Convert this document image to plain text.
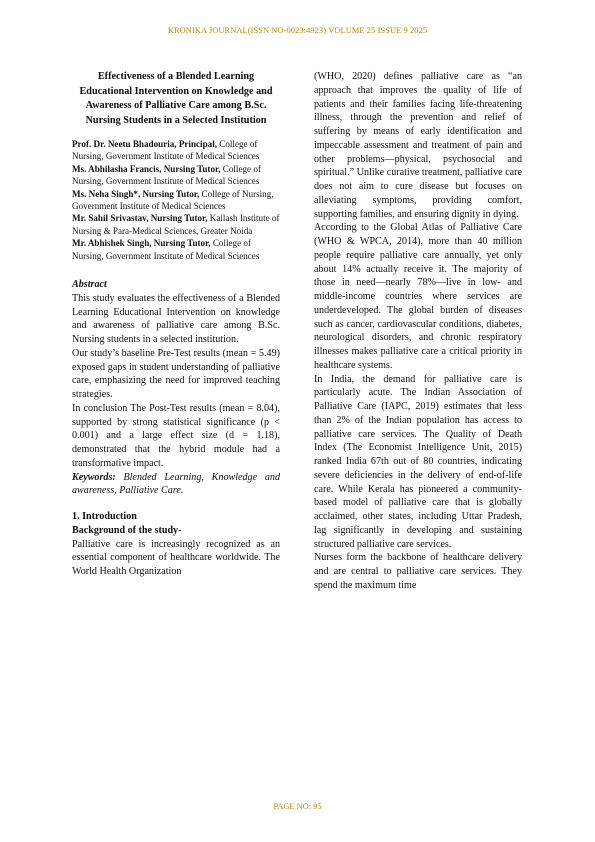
KRONIKA JOURNAL(ISSN NO-0023:4923) VOLUME 25 ISSUE 9 2025
Effectiveness of a Blended Learning Educational Intervention on Knowledge and Awareness of Palliative Care among B.Sc. Nursing Students in a Selected Institution
Prof. Dr. Neetu Bhadouria, Principal, College of Nursing, Government Institute of Medical Sciences
Ms. Abhilasha Francis, Nursing Tutor, College of Nursing, Government Institute of Medical Sciences
Ms. Neha Singh*, Nursing Tutor, College of Nursing, Government Institute of Medical Sciences
Mr. Sahil Srivastav, Nursing Tutor, Kailash Institute of Nursing & Para-Medical Sciences, Greater Noida
Mr. Abhishek Singh, Nursing Tutor, College of Nursing, Government Institute of Medical Sciences
Abstract

This study evaluates the effectiveness of a Blended Learning Educational Intervention on knowledge and awareness of palliative care among B.Sc. Nursing students in a selected institution.

Our study’s baseline Pre-Test results (mean = 5.49) exposed gaps in student understanding of palliative care, emphasizing the need for improved teaching strategies.

In conclusion The Post-Test results (mean = 8.04), supported by strong statistical significance (p < 0.001) and a large effect size (d = 1.18), demonstrated that the hybrid module had a transformative impact.

Keywords: Blended Learning, Knowledge and awareness, Palliative Care.

1. Introduction
Background of the study-

Palliative care is increasingly recognized as an essential component of healthcare worldwide. The World Health Organization

(WHO, 2020) defines palliative care as “an approach that improves the quality of life of patients and their families facing life-threatening illness, through the prevention and relief of suffering by means of early identification and impeccable assessment and treatment of pain and other problems—physical, psychosocial and spiritual.” Unlike curative treatment, palliative care does not aim to cure disease but focuses on alleviating symptoms, providing comfort, supporting families, and ensuring dignity in dying.

According to the Global Atlas of Palliative Care (WHO & WPCA, 2014), more than 40 million people require palliative care annually, yet only about 14% actually receive it. The majority of those in need—nearly 78%—live in low- and middle-income countries where services are underdeveloped. The global burden of diseases such as cancer, cardiovascular conditions, diabetes, neurological disorders, and chronic respiratory illnesses makes palliative care a critical priority in healthcare systems.

In India, the demand for palliative care is particularly acute. The Indian Association of Palliative Care (IAPC, 2019) estimates that less than 2% of the Indian population has access to palliative care services. The Quality of Death Index (The Economist Intelligence Unit, 2015) ranked India 67th out of 80 countries, indicating severe deficiencies in the delivery of end-of-life care. While Kerala has pioneered a community-based model of palliative care that is globally acclaimed, other states, including Uttar Pradesh, lag significantly in developing and sustaining structured palliative care services.

Nurses form the backbone of healthcare delivery and are central to palliative care services. They spend the maximum time

PAGE NO: 95
